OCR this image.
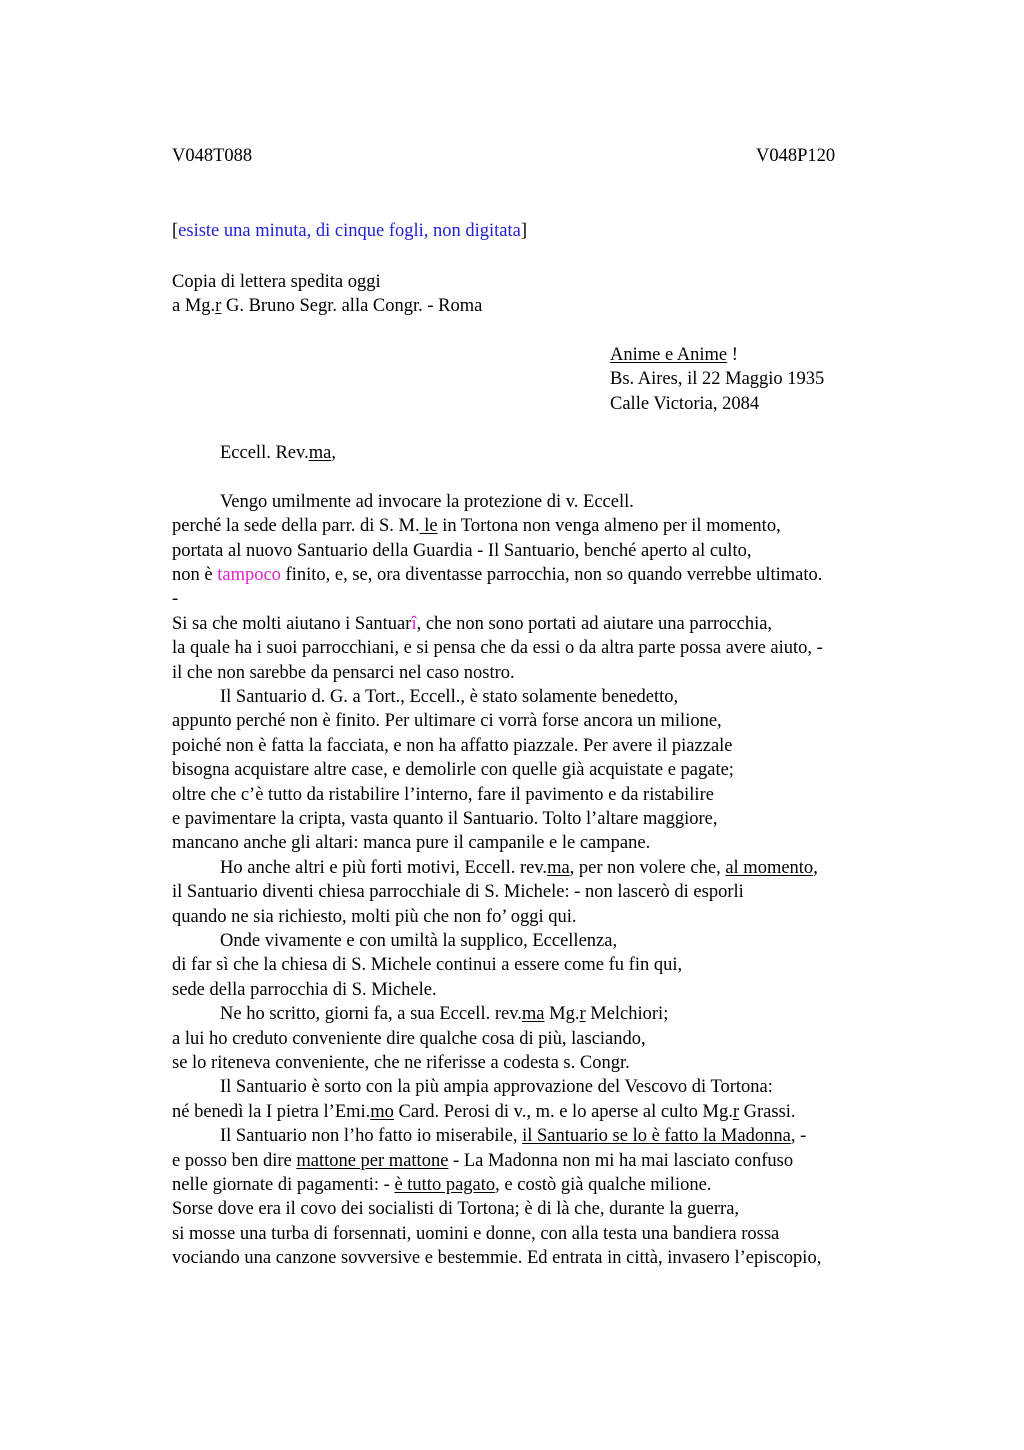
V048T088	V048P120
[esiste una minuta, di cinque fogli, non digitata]
Copia di lettera spedita oggi
a Mg.r G. Bruno Segr. alla Congr. - Roma
Anime e Anime !
Bs. Aires, il 22 Maggio 1935
Calle Victoria, 2084
Eccell. Rev.ma,
Vengo umilmente ad invocare la protezione di v. Eccell.
perché la sede della parr. di S. M. le in Tortona non venga almeno per il momento,
portata al nuovo Santuario della Guardia - Il Santuario, benché aperto al culto,
non è tampoco finito, e, se, ora diventasse parrocchia, non so quando verrebbe ultimato.
-
Si sa che molti aiutano i Santuarî, che non sono portati ad aiutare una parrocchia,
la quale ha i suoi parrocchiani, e si pensa che da essi o da altra parte possa avere aiuto, -
il che non sarebbe da pensarci nel caso nostro.
Il Santuario d. G. a Tort., Eccell., è stato solamente benedetto,
appunto perché non è finito. Per ultimare ci vorrà forse ancora un milione,
poiché non è fatta la facciata, e non ha affatto piazzale. Per avere il piazzale
bisogna acquistare altre case, e demolirle con quelle già acquistate e pagate;
oltre che c’è tutto da ristabilire l’interno, fare il pavimento e da ristabilire
e pavimentare la cripta, vasta quanto il Santuario. Tolto l’altare maggiore,
mancano anche gli altari: manca pure il campanile e le campane.
Ho anche altri e più forti motivi, Eccell. rev.ma, per non volere che, al momento,
il Santuario diventi chiesa parrocchiale di S. Michele: - non lascerò di esporli
quando ne sia richiesto, molti più che non fo’ oggi qui.
Onde vivamente e con umiltà la supplico, Eccellenza,
di far sì che la chiesa di S. Michele continui a essere come fu fin qui,
sede della parrocchia di S. Michele.
Ne ho scritto, giorni fa, a sua Eccell. rev.ma Mg.r Melchiori;
a lui ho creduto conveniente dire qualche cosa di più, lasciando,
se lo riteneva conveniente, che ne riferisse a codesta s. Congr.
Il Santuario è sorto con la più ampia approvazione del Vescovo di Tortona:
né benedì la I pietra l’Emi.mo Card. Perosi di v., m. e lo aperse al culto Mg.r Grassi.
Il Santuario non l’ho fatto io miserabile, il Santuario se lo è fatto la Madonna, -
e posso ben dire mattone per mattone - La Madonna non mi ha mai lasciato confuso
nelle giornate di pagamenti: - è tutto pagato, e costò già qualche milione.
Sorse dove era il covo dei socialisti di Tortona; è di là che, durante la guerra,
si mosse una turba di forsennati, uomini e donne, con alla testa una bandiera rossa
vociando una canzone sovversive e bestemmie. Ed entrata in città, invasero l’episcopio,
